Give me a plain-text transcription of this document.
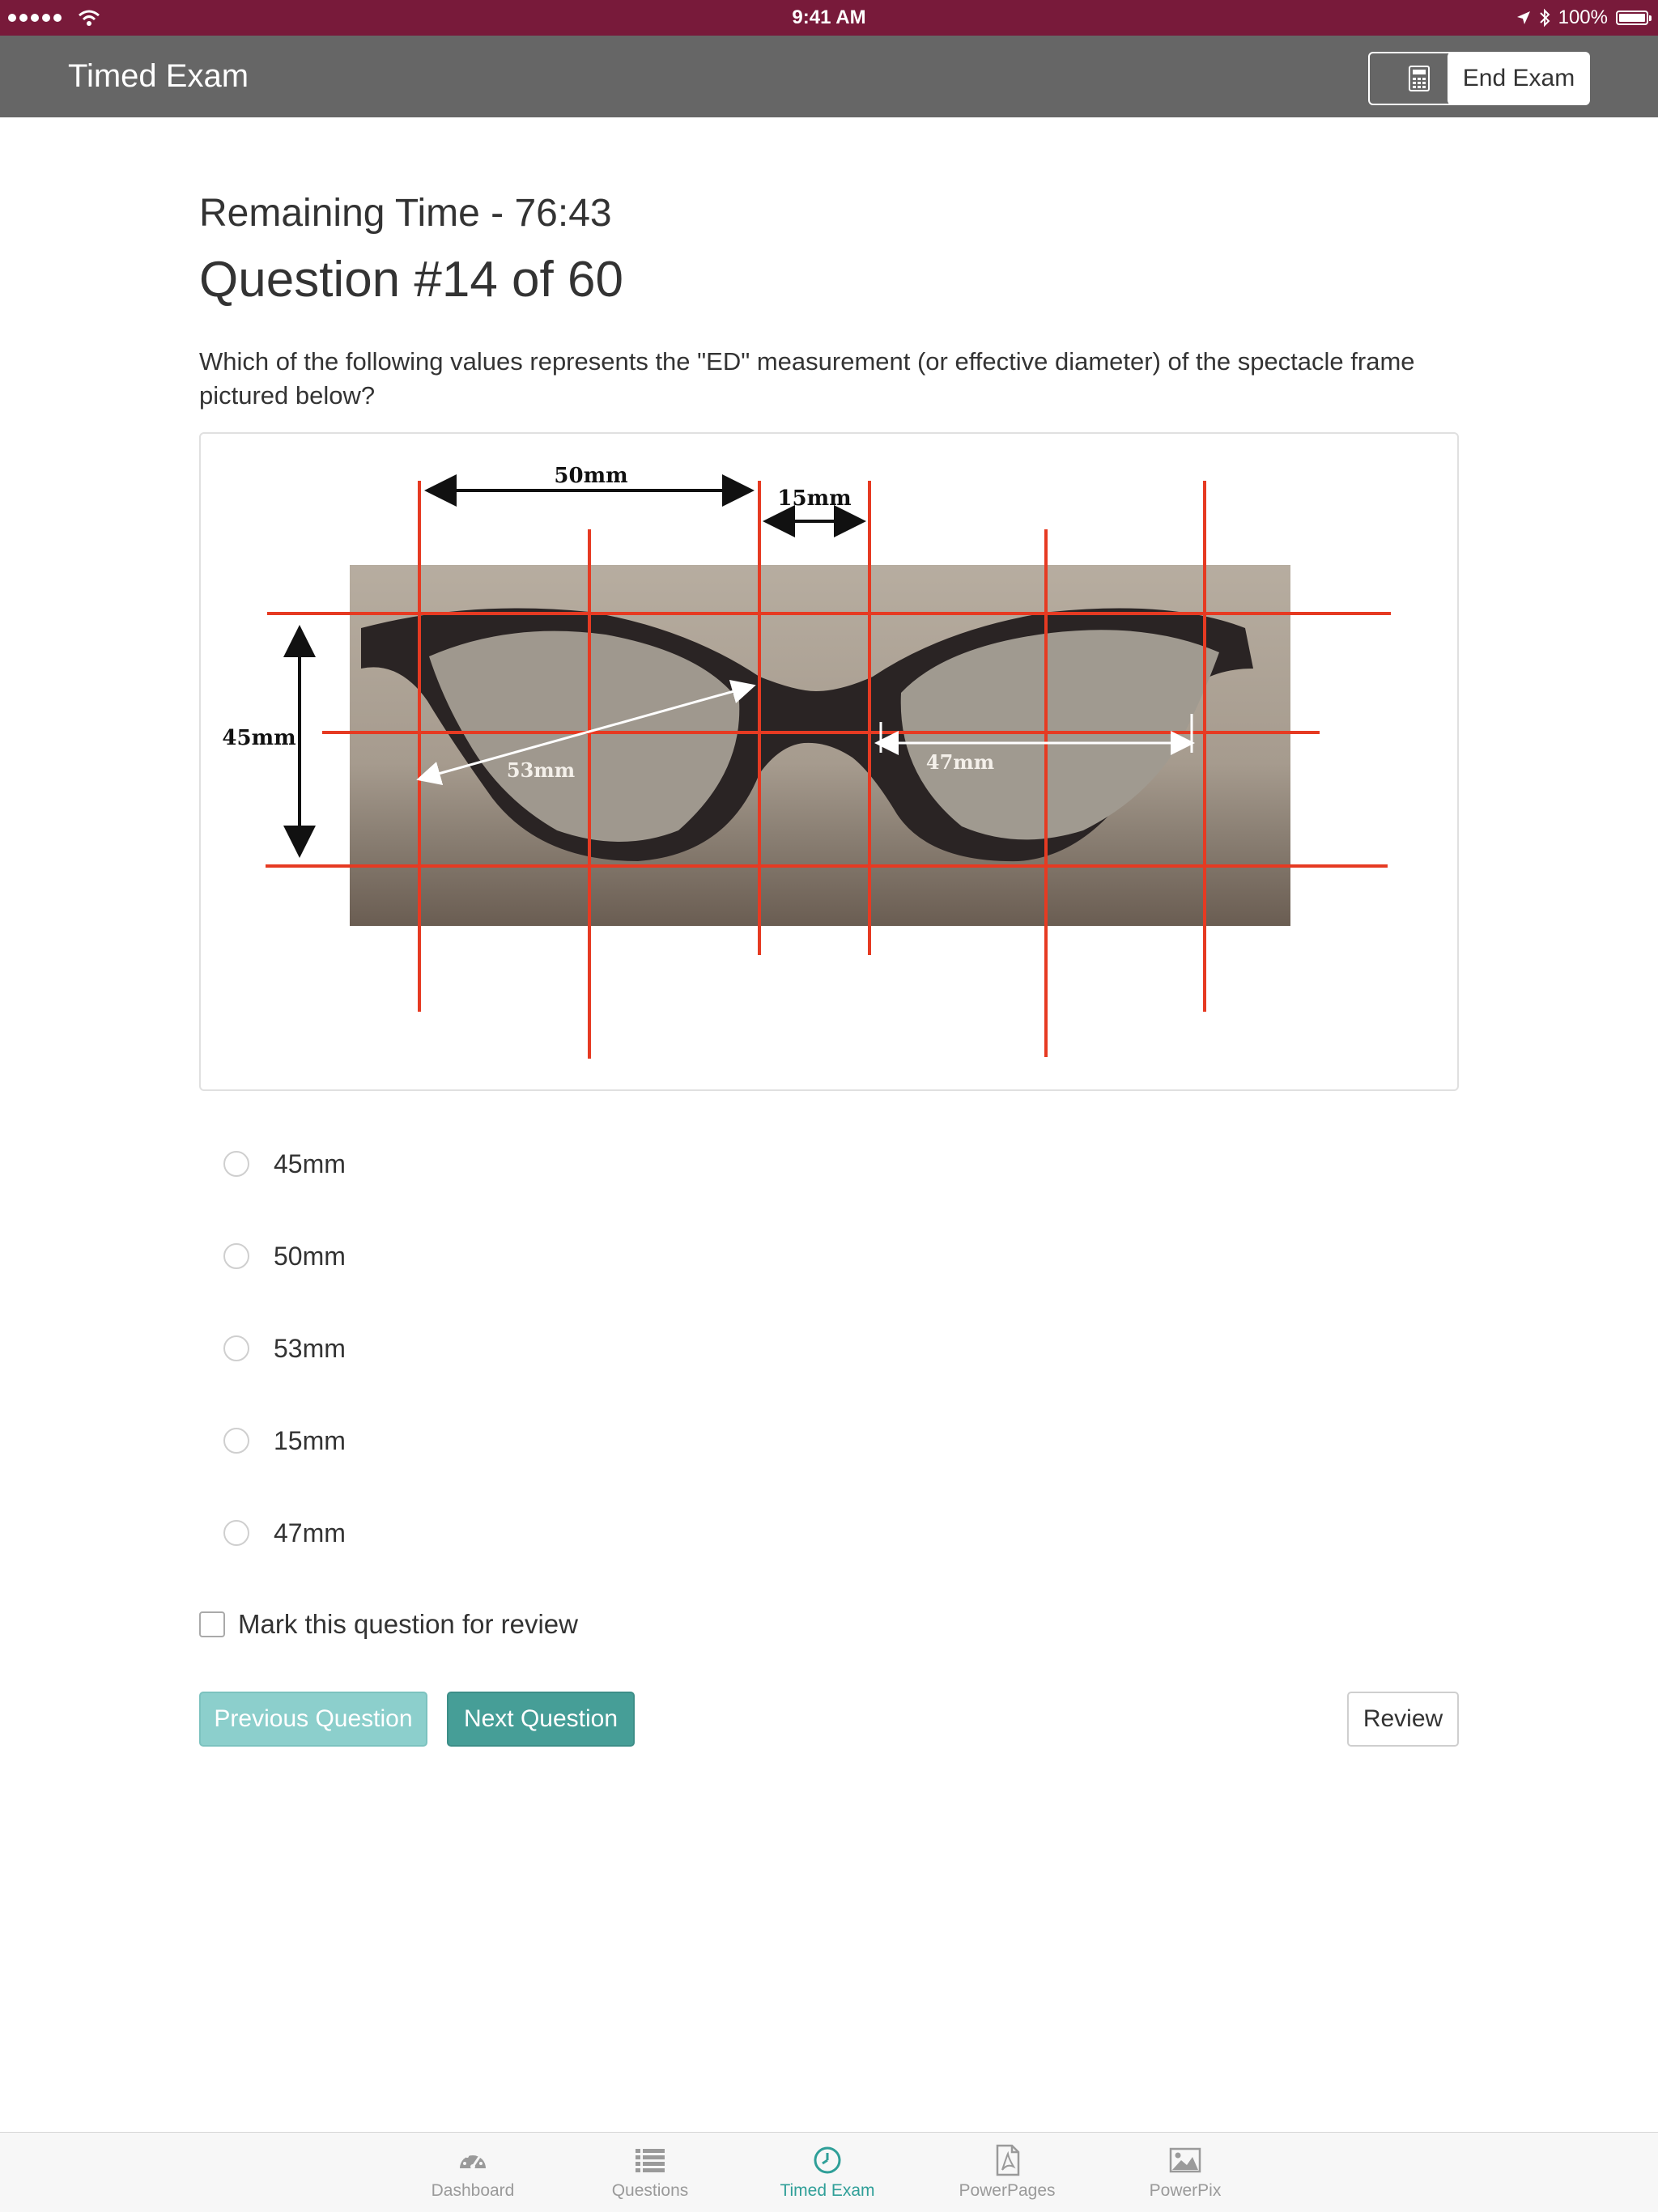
9:41 AM	100%
Timed Exam	End Exam
Remaining Time - 76:43
Question #14 of 60
Which of the following values represents the "ED" measurement (or effective diameter) of the spectacle frame pictured below?
50mm
15mm
45mm
53mm	47mm
45mm
50mm
53mm
15mm
47mm
Mark this question for review
Previous Question	Next Question	Review
Dashboard	Questions	Timed Exam	PowerPages	PowerPix
